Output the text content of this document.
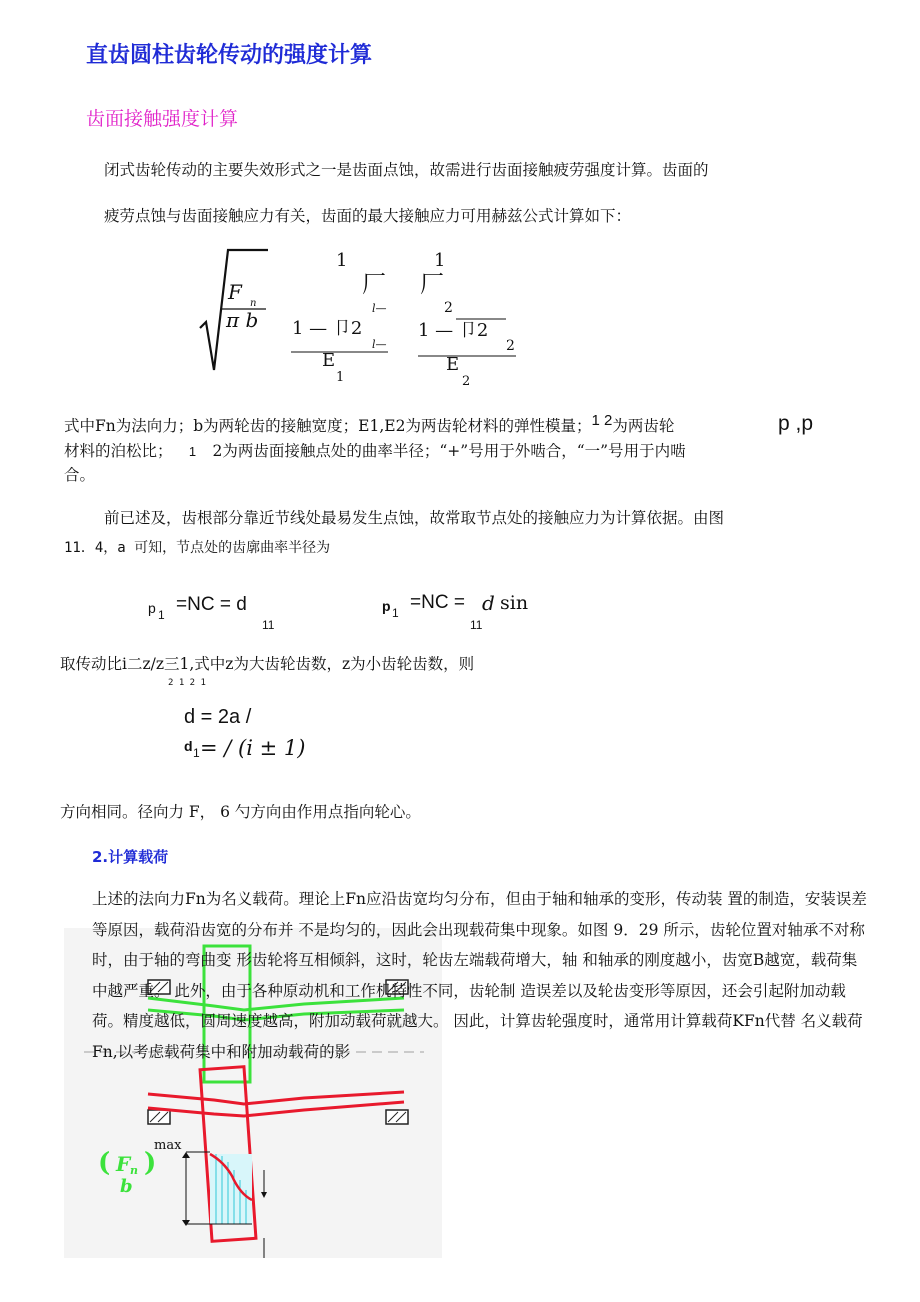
直齿圆柱齿轮传动的强度计算
齿面接触强度计算
闭式齿轮传动的主要失效形式之一是齿面点蚀，故需进行齿面接触疲劳强度计算。齿面的
疲劳点蚀与齿面接触应力有关，齿面的最大接触应力可用赫兹公式计算如下：
1	1
厂 厂
F n
π b	l—	2
1 — 卩2	1 — 卩2
l—	2
E
1
E
2
式中Fn为法向力；b为两轮齿的接触宽度；E1,E2为两齿轮材料的弹性模量；1 2为两齿轮	p ,p
材料的泊松比； 1 2为两齿面接触点处的曲率半径；“+”号用于外啮合，“一”号用于内啮
合。
前已述及，齿根部分靠近节线处最易发生点蚀，故常取节点处的接触应力为计算依据。由图
11．4，a 可知，节点处的齿廓曲率半径为
p 1 =NC = d
11
p 1 =NC = d sin
11
取传动比i二z/z三1,式中z为大齿轮齿数，z为小齿轮齿数，则
2 1 2 1
d = 2a /
d 1 = / (i ± 1)
方向相同。径向力 F， 6 勺方向由作用点指向轮心。
2.计算载荷
( F n
b
)
max
上述的法向力Fn为名义载荷。理论上Fn应沿齿宽均匀分布，但由于轴和轴承的变形，传动装 置的制造，安装误差等原因，载荷沿齿宽的分布并 不是均匀的，因此会出现载荷集中现象。如图 9．29 所示，齿轮位置对轴承不对称时，由于轴的弯曲变 形齿轮将互相倾斜，这时，轮齿左端载荷增大，轴 和轴承的刚度越小，齿宽B越宽，载荷集中越严重。 此外，由于各种原动机和工作机特性不同，齿轮制 造误差以及轮齿变形等原因，还会引起附加动载 荷。精度越低，圆周速度越高，附加动载荷就越大。 因此，计算齿轮强度时，通常用计算载荷KFn代替 名义载荷Fn,以考虑载荷集中和附加动载荷的影
